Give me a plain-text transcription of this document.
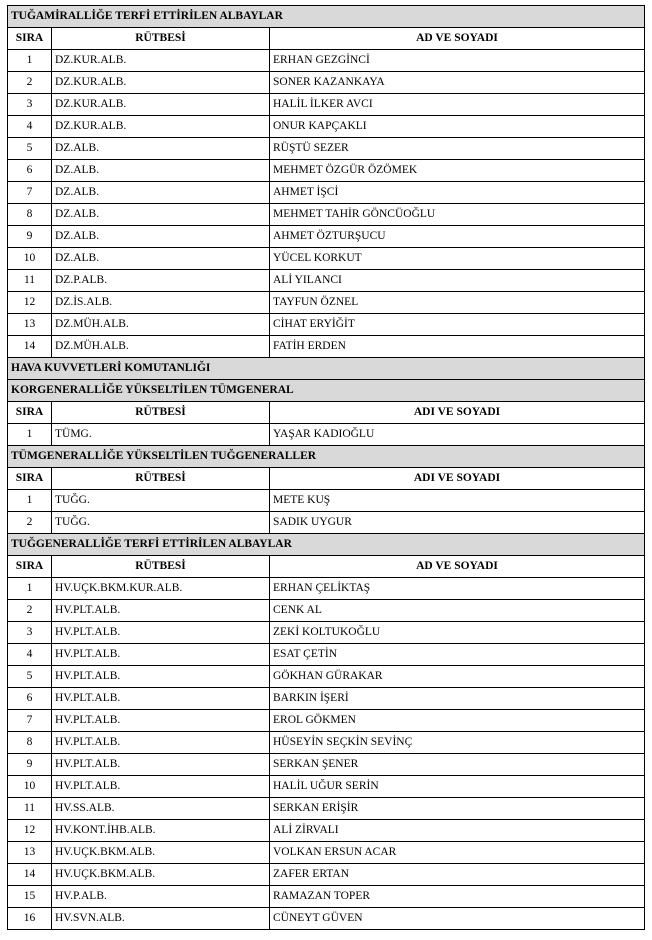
TUĞAMİRALLİĞE TERFİ ETTİRİLEN ALBAYLAR		
SIRA	RÜTBESİ	AD VE SOYADI
1	DZ.KUR.ALB.	ERHAN GEZGİNCİ
2	DZ.KUR.ALB.	SONER KAZANKAYA
3	DZ.KUR.ALB.	HALİL İLKER AVCI
4	DZ.KUR.ALB.	ONUR KAPÇAKLI
5	DZ.ALB.	RÜŞTÜ SEZER
6	DZ.ALB.	MEHMET ÖZGÜR ÖZÖMEK
7	DZ.ALB.	AHMET İŞCİ
8	DZ.ALB.	MEHMET TAHİR GÖNCÜOĞLU
9	DZ.ALB.	AHMET ÖZTURŞUCU
10	DZ.ALB.	YÜCEL KORKUT
11	DZ.P.ALB.	ALİ YILANCI
12	DZ.İS.ALB.	TAYFUN ÖZNEL
13	DZ.MÜH.ALB.	CİHAT ERYİĞİT
14	DZ.MÜH.ALB.	FATİH ERDEN
HAVA KUVVETLERİ KOMUTANLIĞI		
KORGENERALLİĞE YÜKSELTİLEN TÜMGENERAL		
SIRA	RÜTBESİ	ADI VE SOYADI
1	TÜMG.	YAŞAR KADIOĞLU
TÜMGENERALLİĞE YÜKSELTİLEN TUĞGENERALLER		
SIRA	RÜTBESİ	ADI VE SOYADI
1	TUĞG.	METE KUŞ
2	TUĞG.	SADIK UYGUR
TUĞGENERALLİĞE TERFİ ETTİRİLEN ALBAYLAR		
SIRA	RÜTBESİ	AD VE SOYADI
1	HV.UÇK.BKM.KUR.ALB.	ERHAN ÇELİKTAŞ
2	HV.PLT.ALB.	CENK AL
3	HV.PLT.ALB.	ZEKİ KOLTUKOĞLU
4	HV.PLT.ALB.	ESAT ÇETİN
5	HV.PLT.ALB.	GÖKHAN GÜRAKAR
6	HV.PLT.ALB.	BARKIN İŞERİ
7	HV.PLT.ALB.	EROL GÖKMEN
8	HV.PLT.ALB.	HÜSEYİN SEÇKİN SEVİNÇ
9	HV.PLT.ALB.	SERKAN ŞENER
10	HV.PLT.ALB.	HALİL UĞUR SERİN
11	HV.SS.ALB.	SERKAN ERİŞİR
12	HV.KONT.İHB.ALB.	ALİ ZİRVALI
13	HV.UÇK.BKM.ALB.	VOLKAN ERSUN ACAR
14	HV.UÇK.BKM.ALB.	ZAFER ERTAN
15	HV.P.ALB.	RAMAZAN TOPER
16	HV.SVN.ALB.	CÜNEYT GÜVEN
